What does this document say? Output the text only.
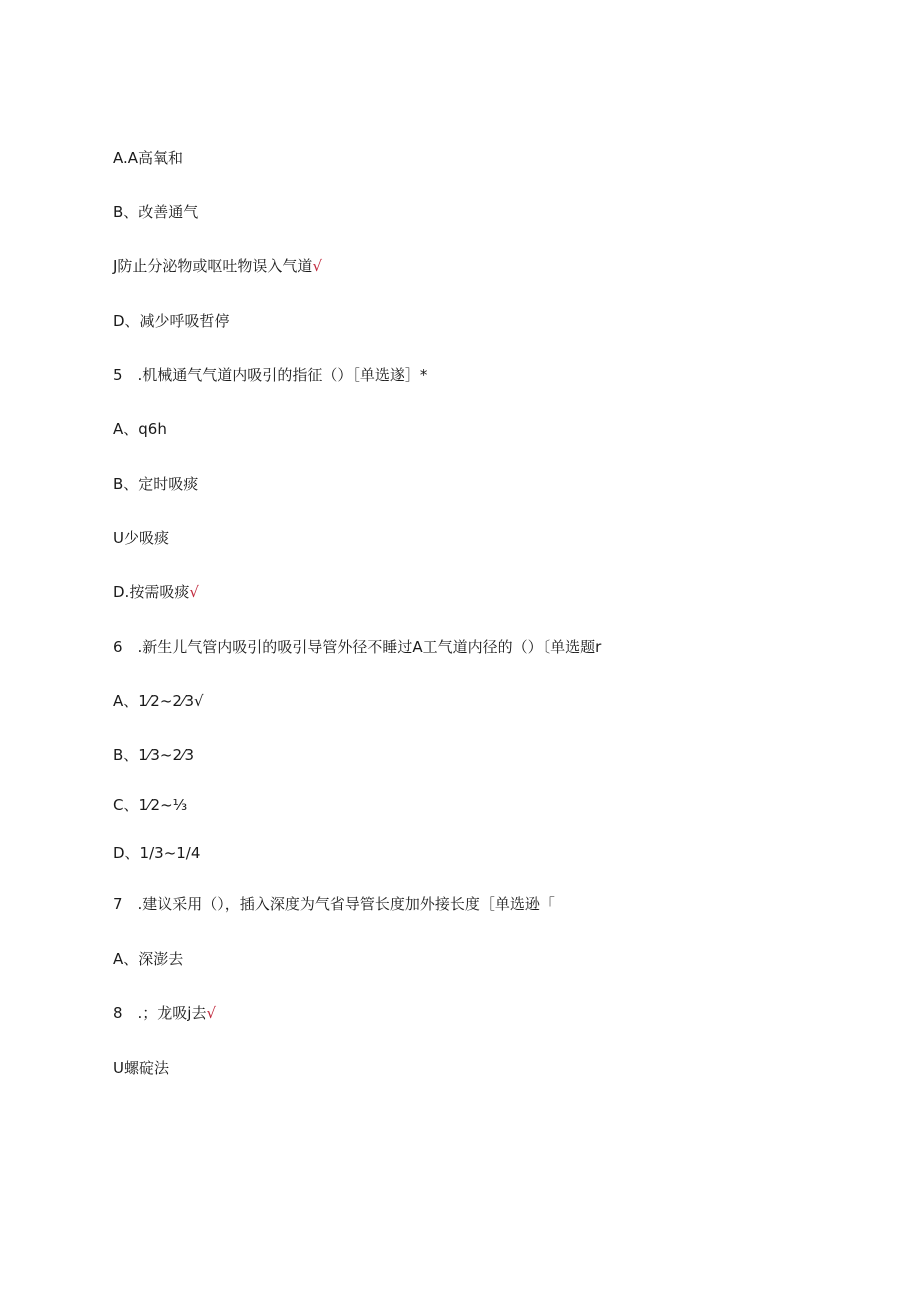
A.A高氧和

B、改善通气

J防止分泌物或呕吐物误入气道√

D、减少呼吸哲停

5　.机械通气气道内吸引的指征（）［单选遂］*

A、q6h

B、定时吸痰

U少吸痰

D.按需吸痰√

6　.新生儿气管内吸引的吸引导管外径不睡过A工气道内径的（）〔单选题r

A、1⁄2~2⁄3√

B、1⁄3~2⁄3

C、1⁄2~⅓

D、1/3~1/4

7　.建议采用（），插入深度为气省导管长度加外接长度［单选逊「

A、深澎去

8　.；龙吸j去√

U螺碇法
